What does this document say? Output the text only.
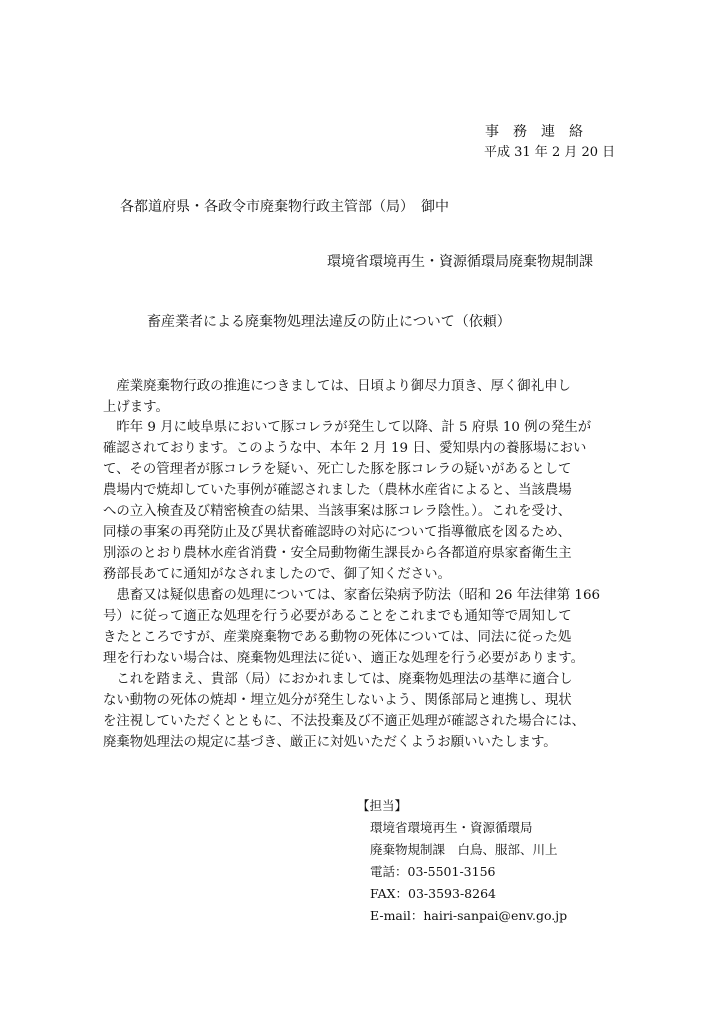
事務連絡
平成 31 年 2 月 20 日
各都道府県・各政令市廃棄物行政主管部（局）　御中
環境省環境再生・資源循環局廃棄物規制課
畜産業者による廃棄物処理法違反の防止について（依頼）
　産業廃棄物行政の推進につきましては、日頃より御尽力頂き、厚く御礼申し
上げます。
　昨年 9 月に岐阜県において豚コレラが発生して以降、計 5 府県 10 例の発生が
確認されております。このような中、本年 2 月 19 日、愛知県内の養豚場におい
て、その管理者が豚コレラを疑い、死亡した豚を豚コレラの疑いがあるとして
農場内で焼却していた事例が確認されました（農林水産省によると、当該農場
への立入検査及び精密検査の結果、当該事案は豚コレラ陰性。）。これを受け、
同様の事案の再発防止及び異状畜確認時の対応について指導徹底を図るため、
別添のとおり農林水産省消費・安全局動物衛生課長から各都道府県家畜衛生主
務部長あてに通知がなされましたので、御了知ください。
　患畜又は疑似患畜の処理については、家畜伝染病予防法（昭和 26 年法律第 166
号）に従って適正な処理を行う必要があることをこれまでも通知等で周知して
きたところですが、産業廃棄物である動物の死体については、同法に従った処
理を行わない場合は、廃棄物処理法に従い、適正な処理を行う必要があります。
　これを踏まえ、貴部（局）におかれましては、廃棄物処理法の基準に適合し
ない動物の死体の焼却・埋立処分が発生しないよう、関係部局と連携し、現状
を注視していただくとともに、不法投棄及び不適正処理が確認された場合には、
廃棄物処理法の規定に基づき、厳正に対処いただくようお願いいたします。
【担当】
環境省環境再生・資源循環局
廃棄物規制課　白鳥、服部、川上
電話：03-5501-3156
FAX：03-3593-8264
E-mail：hairi-sanpai@env.go.jp
